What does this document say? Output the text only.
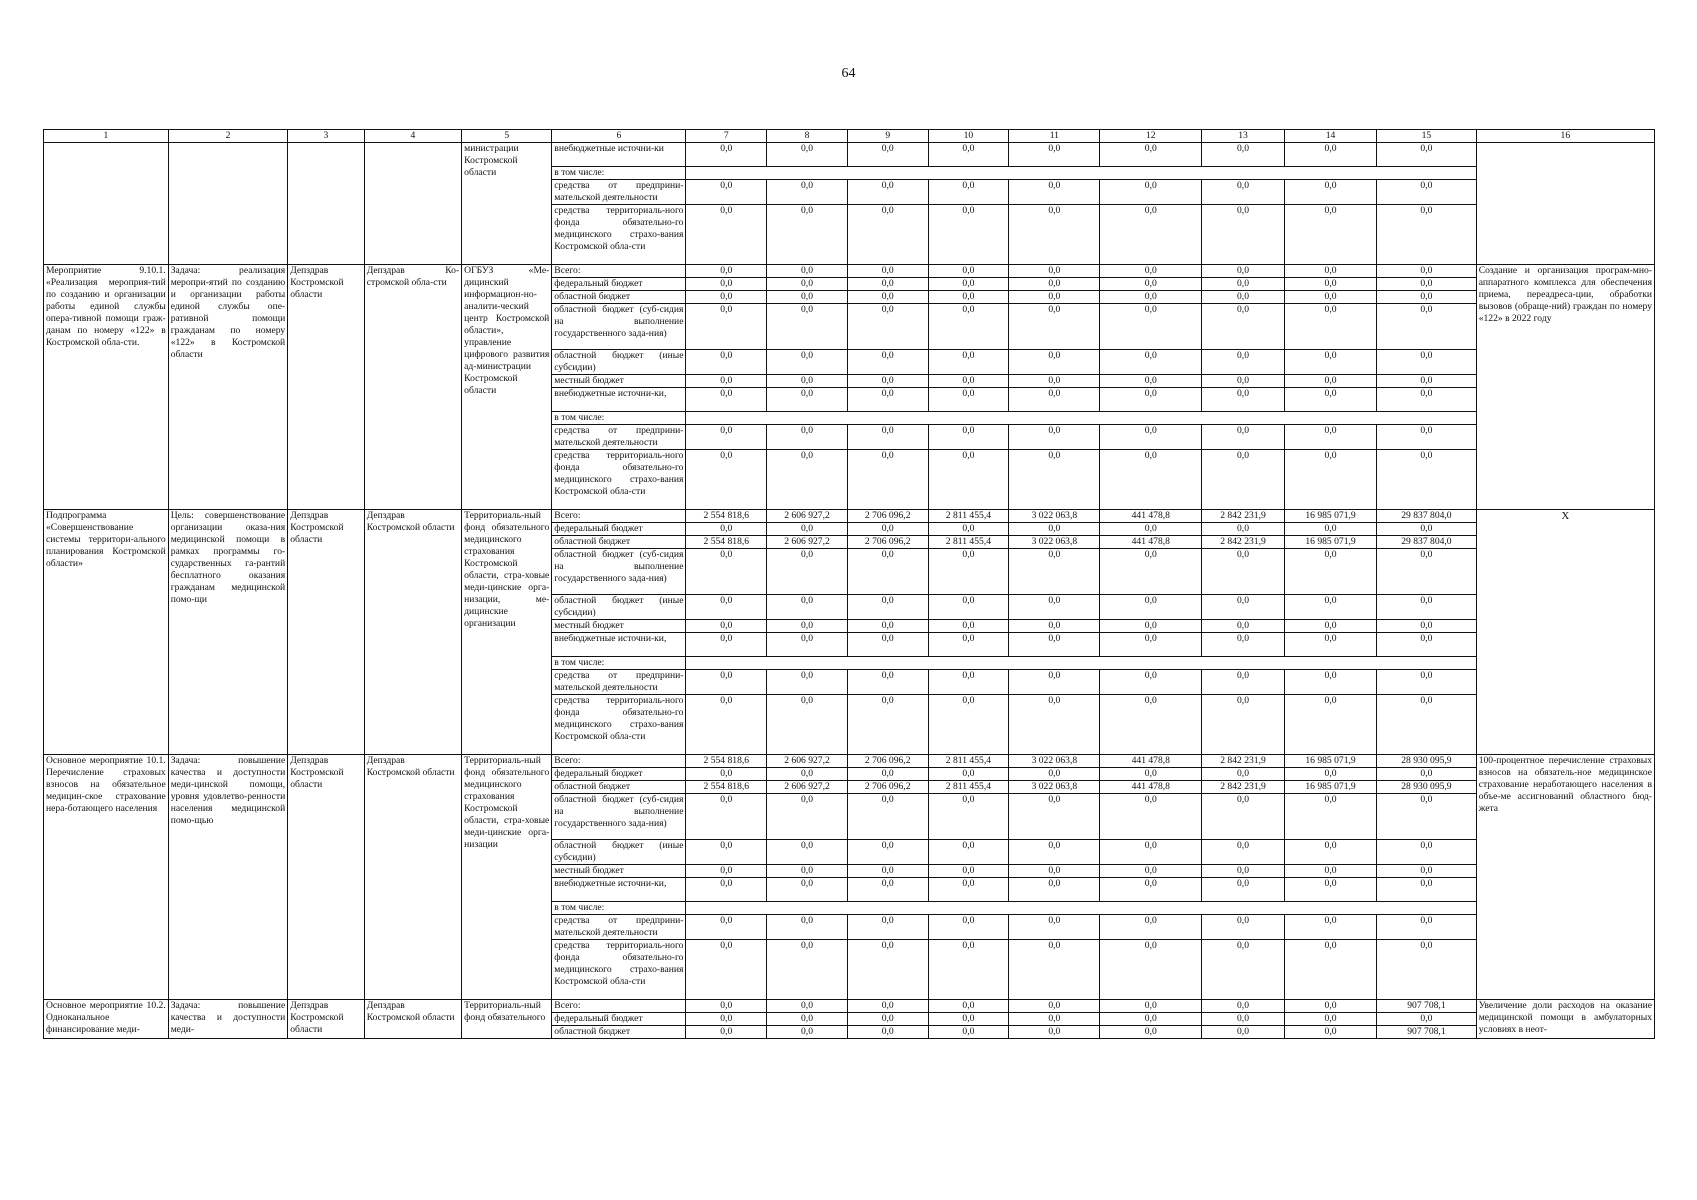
64
1	2	3	4	5	6	7	8	9	10	11	12	13	14	15	16
				министрации Костромской области	внебюджетные источни-ки	0,0	0,0	0,0	0,0	0,0	0,0	0,0	0,0	0,0	
					в том числе:										
					средства от предприни-мательской деятельности	0,0	0,0	0,0	0,0	0,0	0,0	0,0	0,0	0,0	
					средства территориаль-ного фонда обязательно-го медицинского страхо-вания Костромской обла-сти	0,0	0,0	0,0	0,0	0,0	0,0	0,0	0,0	0,0	
Мероприятие 9.10.1. «Реализация мероприя-тий по созданию и организации работы единой службы опера-тивной помощи граж-данам по номеру «122» в Костромской обла-сти.	Задача: реализация меропри-ятий по созданию и организации работы единой службы опе-ративной помощи гражданам по номеру «122» в Костромской области	Депздрав Костромской области	Депздрав Ко-стромской обла-сти	ОГБУЗ «Ме-дицинский информацион-но-аналити-ческий центр Костромской области», управление цифрового развития ад-министрации Костромской области	Всего:	0,0	0,0	0,0	0,0	0,0	0,0	0,0	0,0	0,0	Создание и организация програм-мно-аппаратного комплекса для обеспечения приема, переадреса-ции, обработки вызовов (обраще-ний) граждан по номеру «122» в 2022 году
					федеральный бюджет	0,0	0,0	0,0	0,0	0,0	0,0	0,0	0,0	0,0	
					областной бюджет	0,0	0,0	0,0	0,0	0,0	0,0	0,0	0,0	0,0	
					областной бюджет (суб-сидия на выполнение государственного зада-ния)	0,0	0,0	0,0	0,0	0,0	0,0	0,0	0,0	0,0	
					областной бюджет (иные субсидии)	0,0	0,0	0,0	0,0	0,0	0,0	0,0	0,0	0,0	
					местный бюджет	0,0	0,0	0,0	0,0	0,0	0,0	0,0	0,0	0,0	
					внебюджетные источни-ки,	0,0	0,0	0,0	0,0	0,0	0,0	0,0	0,0	0,0	
					в том числе:										
					средства от предприни-мательской деятельности	0,0	0,0	0,0	0,0	0,0	0,0	0,0	0,0	0,0	
					средства территориаль-ного фонда обязательно-го медицинского страхо-вания Костромской обла-сти	0,0	0,0	0,0	0,0	0,0	0,0	0,0	0,0	0,0	
Подпрограмма «Совершенствование системы территори-ального планирования Костромской области»	Цель: совершенствование организации оказа-ния медицинской помощи в рамках программы го-сударственных га-рантий бесплатного оказания гражданам медицинской помо-щи	Депздрав Костромской области	Депздрав Костромской области	Территориаль-ный фонд обязательного медицинского страхования Костромской области, стра-ховые меди-цинские орга-низации, ме-дицинские организации	Всего:	2 554 818,6	2 606 927,2	2 706 096,2	2 811 455,4	3 022 063,8	441 478,8	2 842 231,9	16 985 071,9	29 837 804,0	Х
					федеральный бюджет	0,0	0,0	0,0	0,0	0,0	0,0	0,0	0,0	0,0	
					областной бюджет	2 554 818,6	2 606 927,2	2 706 096,2	2 811 455,4	3 022 063,8	441 478,8	2 842 231,9	16 985 071,9	29 837 804,0	
					областной бюджет (суб-сидия на выполнение государственного зада-ния)	0,0	0,0	0,0	0,0	0,0	0,0	0,0	0,0	0,0	
					областной бюджет (иные субсидии)	0,0	0,0	0,0	0,0	0,0	0,0	0,0	0,0	0,0	
					местный бюджет	0,0	0,0	0,0	0,0	0,0	0,0	0,0	0,0	0,0	
					внебюджетные источни-ки,	0,0	0,0	0,0	0,0	0,0	0,0	0,0	0,0	0,0	
					в том числе:										
					средства от предприни-мательской деятельности	0,0	0,0	0,0	0,0	0,0	0,0	0,0	0,0	0,0	
					средства территориаль-ного фонда обязательно-го медицинского страхо-вания Костромской обла-сти	0,0	0,0	0,0	0,0	0,0	0,0	0,0	0,0	0,0	
Основное мероприятие 10.1. Перечисление страховых взносов на обязательное медицин-ское страхование нера-ботающего населения	Задача: повышение качества и доступности меди-цинской помощи, уровня удовлетво-ренности населения медицинской помо-щью	Депздрав Костромской области	Депздрав Костромской области	Территориаль-ный фонд обязательного медицинского страхования Костромской области, стра-ховые меди-цинские орга-низации	Всего:	2 554 818,6	2 606 927,2	2 706 096,2	2 811 455,4	3 022 063,8	441 478,8	2 842 231,9	16 985 071,9	28 930 095,9	100-процентное перечисление страховых взносов на обязатель-ное медицинское страхование неработающего населения в объе-ме ассигнований областного бюд-жета
					федеральный бюджет	0,0	0,0	0,0	0,0	0,0	0,0	0,0	0,0	0,0	
					областной бюджет	2 554 818,6	2 606 927,2	2 706 096,2	2 811 455,4	3 022 063,8	441 478,8	2 842 231,9	16 985 071,9	28 930 095,9	
					областной бюджет (суб-сидия на выполнение государственного зада-ния)	0,0	0,0	0,0	0,0	0,0	0,0	0,0	0,0	0,0	
					областной бюджет (иные субсидии)	0,0	0,0	0,0	0,0	0,0	0,0	0,0	0,0	0,0	
					местный бюджет	0,0	0,0	0,0	0,0	0,0	0,0	0,0	0,0	0,0	
					внебюджетные источни-ки,	0,0	0,0	0,0	0,0	0,0	0,0	0,0	0,0	0,0	
					в том числе:										
					средства от предприни-мательской деятельности	0,0	0,0	0,0	0,0	0,0	0,0	0,0	0,0	0,0	
					средства территориаль-ного фонда обязательно-го медицинского страхо-вания Костромской обла-сти	0,0	0,0	0,0	0,0	0,0	0,0	0,0	0,0	0,0	
Основное мероприятие 10.2. Одноканальное финансирование меди-	Задача: повышение качества и доступности меди-	Депздрав Костромской области	Депздрав Костромской области	Территориаль-ный фонд обязательного	Всего:	0,0	0,0	0,0	0,0	0,0	0,0	0,0	0,0	907 708,1	Увеличение доли расходов на оказание медицинской помощи в амбулаторных условиях в неот-
					федеральный бюджет	0,0	0,0	0,0	0,0	0,0	0,0	0,0	0,0	0,0	
					областной бюджет	0,0	0,0	0,0	0,0	0,0	0,0	0,0	0,0	907 708,1	
